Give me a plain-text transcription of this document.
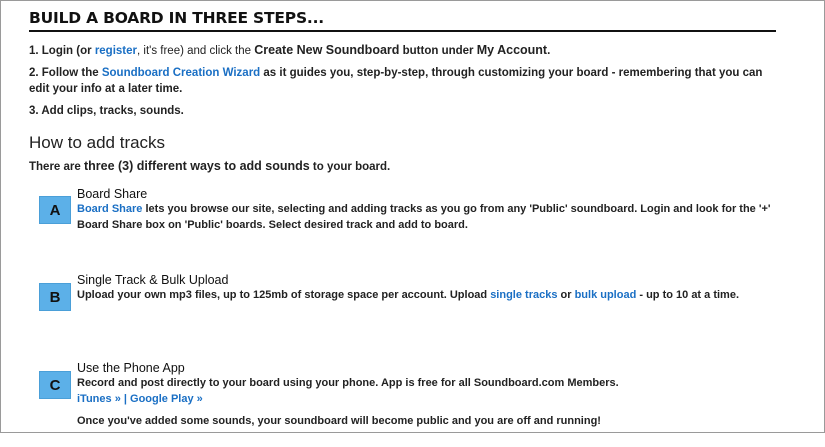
BUILD A BOARD IN THREE STEPS...
1. Login (or register, it's free) and click the Create New Soundboard button under My Account.
2. Follow the Soundboard Creation Wizard as it guides you, step-by-step, through customizing your board - remembering that you can edit your info at a later time.
3. Add clips, tracks, sounds.
How to add tracks
There are three (3) different ways to add sounds to your board.
A
Board Share
Board Share lets you browse our site, selecting and adding tracks as you go from any 'Public' soundboard. Login and look for the '+' Board Share box on 'Public' boards. Select desired track and add to board.
B
Single Track & Bulk Upload
Upload your own mp3 files, up to 125mb of storage space per account. Upload single tracks or bulk upload - up to 10 at a time.
C
Use the Phone App
Record and post directly to your board using your phone. App is free for all Soundboard.com Members.
iTunes » | Google Play »
Once you've added some sounds, your soundboard will become public and you are off and running!
